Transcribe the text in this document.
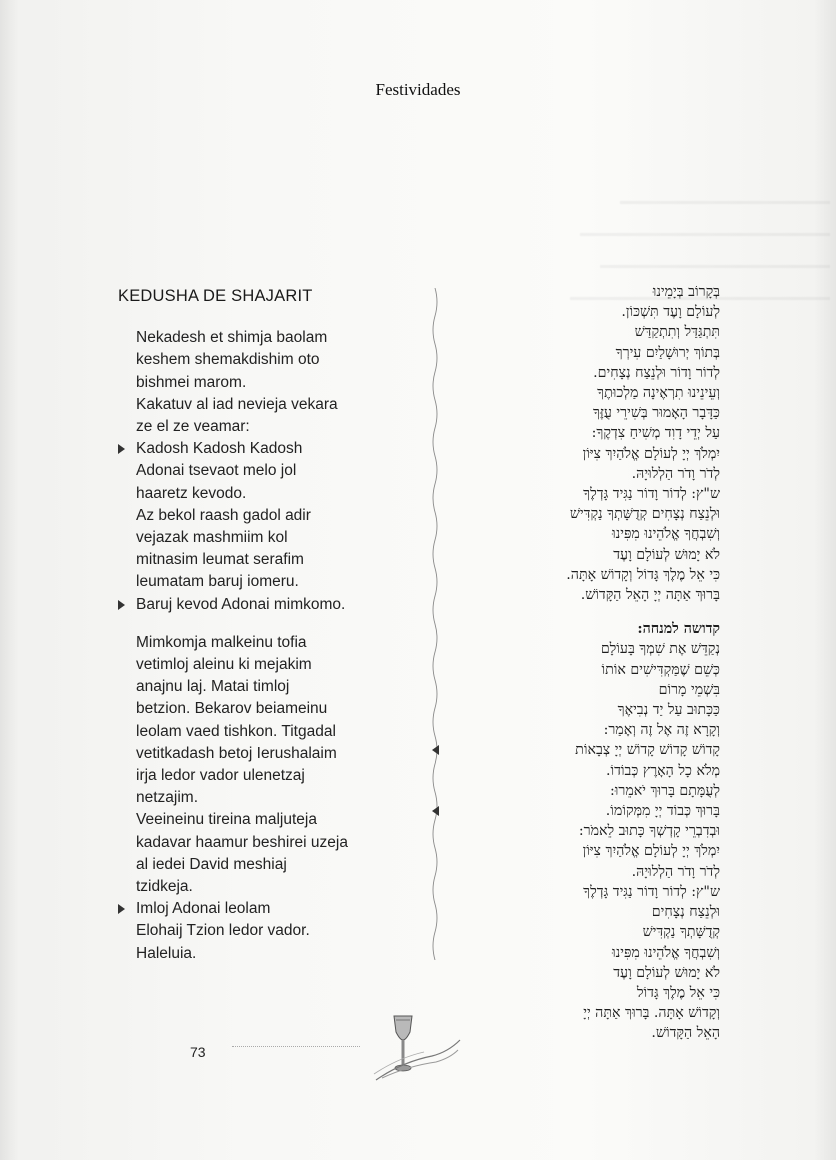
Festividades
KEDUSHA DE SHAJARIT
Nekadesh et shimja baolam
keshem shemakdishim oto
bishmei marom.
Kakatuv al iad nevieja vekara
ze el ze veamar:
Kadosh Kadosh Kadosh
Adonai tsevaot melo jol
haaretz kevodo.
Az bekol raash gadol adir
vejazak mashmiim kol
mitnasim leumat serafim
leumatam baruj iomeru.
Baruj kevod Adonai mimkomo.
Mimkomja malkeinu tofia
vetimloj aleinu ki mejakim
anajnu laj. Matai timloj
betzion. Bekarov beiameinu
leolam vaed tishkon. Titgadal
vetitkadash betoj Ierushalaim
irja ledor vador ulenetzaj
netzajim.
Veeineinu tireina maljuteja
kadavar haamur beshirei uzeja
al iedei David meshiaj
tzidkeja.
Imloj Adonai leolam
Elohaij Tzion ledor vador.
Haleluia.
בְּקָרוֹב בְּיָמֵינוּ
לְעוֹלָם וָעֶד תִּשְׁכּוֹן.
תִּתְגַּדַּל וְתִתְקַדַּשׁ
בְּתוֹךְ יְרוּשָׁלַיִם עִירְךָ
לְדוֹר וָדוֹר וּלְנֵצַח נְצָחִים.
וְעֵינֵינוּ תִרְאֶינָה מַלְכוּתֶךָ
כַּדָּבָר הָאָמוּר בְּשִׁירֵי עֻזֶּךָ
עַל יְדֵי דָוִד מְשִׁיחַ צִדְקֶךָ:
יִמְלֹךְ יְיָ לְעוֹלָם אֱלֹהַיִךְ צִיּוֹן
לְדֹר וָדֹר הַלְלוּיָהּ.
ש"ץ: לְדוֹר וָדוֹר נַגִּיד גָּדְלֶךָ
וּלְנֵצַח נְצָחִים קְדֻשָּׁתְךָ נַקְדִּישׁ
וְשִׁבְחֲךָ אֱלֹהֵינוּ מִפִּינוּ
לֹא יָמוּשׁ לְעוֹלָם וָעֶד
כִּי אֵל מֶלֶךְ גָּדוֹל וְקָדוֹשׁ אָתָּה.
בָּרוּךְ אַתָּה יְיָ הָאֵל הַקָּדוֹשׁ.
קדושה למנחה:
נְקַדֵּשׁ אֶת שִׁמְךָ בָּעוֹלָם
כְּשֵׁם שֶׁמַּקְדִּישִׁים אוֹתוֹ
בִּשְׁמֵי מָרוֹם
כַּכָּתוּב עַל יַד נְבִיאֶךָ
וְקָרָא זֶה אֶל זֶה וְאָמַר:
קָדוֹשׁ קָדוֹשׁ קָדוֹשׁ יְיָ צְבָאוֹת
מְלֹא כָל הָאָרֶץ כְּבוֹדוֹ.
לְעֻמָּתָם בָּרוּךְ יֹאמֵרוּ:
בָּרוּךְ כְּבוֹד יְיָ מִמְּקוֹמוֹ.
וּבְדִבְרֵי קָדְשְׁךָ כָּתוּב לֵאמֹר:
יִמְלֹךְ יְיָ לְעוֹלָם אֱלֹהַיִךְ צִיּוֹן
לְדֹר וָדֹר הַלְלוּיָהּ.
ש"ץ: לְדוֹר וָדוֹר נַגִּיד גָּדְלֶךָ
וּלְנֵצַח נְצָחִים
קְדֻשָּׁתְךָ נַקְדִּישׁ
וְשִׁבְחֲךָ אֱלֹהֵינוּ מִפִּינוּ
לֹא יָמוּשׁ לְעוֹלָם וָעֶד
כִּי אֵל מֶלֶךְ גָּדוֹל
וְקָדוֹשׁ אָתָּה. בָּרוּךְ אַתָּה יְיָ
הָאֵל הַקָּדוֹשׁ.
73
